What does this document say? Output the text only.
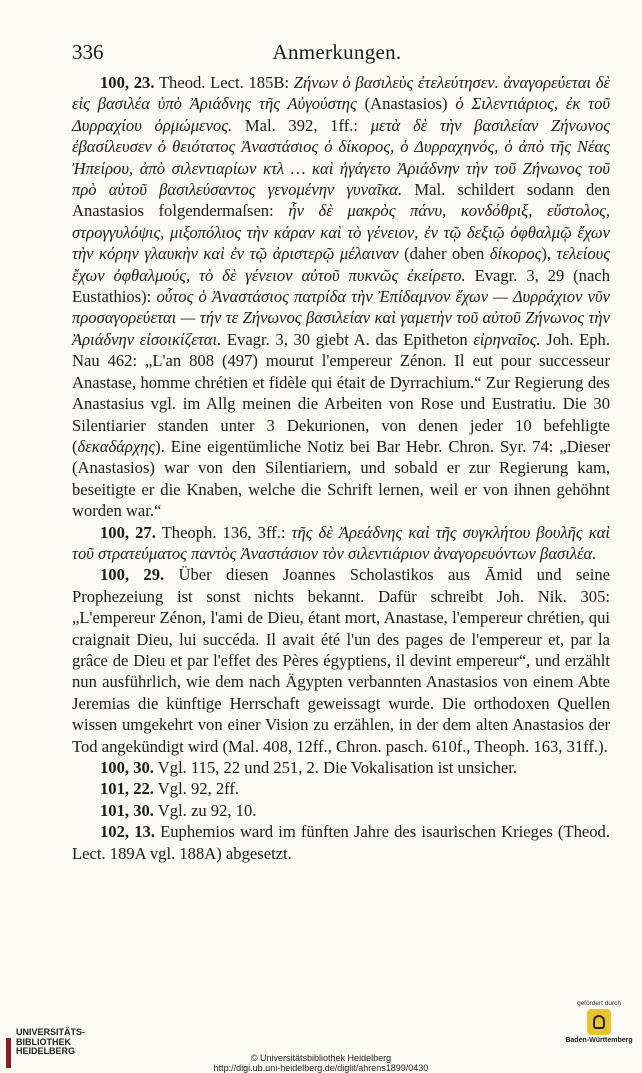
336	Anmerkungen.

100, 23. Theod. Lect. 185B: Ζήνων ὁ βασιλεὺς ἐτελεύτησεν. ἀναγορεύεται δὲ εἰς βασιλέα ὑπὸ Ἀριάδνης τῆς Αὐγούστης (Anastasios) ὁ Σιλεντιάριος, ἐκ τοῦ Δυρραχίου ὁρμώμενος. Mal. 392, 1ff.: μετὰ δὲ τὴν βασιλείαν Ζήνωνος ἐβασίλευσεν ὁ θειότατος Ἀναστάσιος ὁ δίκορος, ὁ Δυρραχηνός, ὁ ἀπὸ τῆς Νέας Ἠπείρου, ἀπὸ σιλεντιαρίων κτλ … καὶ ἠγάγετο Ἀριάδνην τὴν τοῦ Ζήνωνος τοῦ πρὸ αὐτοῦ βασιλεύσαντος γενομένην γυναῖκα. Mal. schildert sodann den Anastasios folgendermaſsen: ἦν δὲ μακρὸς πάνυ, κονδόθριξ, εὔστολος, στρογγυλόψις, μιξοπόλιος τὴν κάραν καὶ τὸ γένειον, ἐν τῷ δεξιῷ ὀφθαλμῷ ἔχων τὴν κόρην γλαυκὴν καὶ ἐν τῷ ἀριστερῷ μέλαιναν (daher oben δίκορος), τελείους ἔχων ὀφθαλμούς, τὸ δὲ γένειον αὐτοῦ πυκνῶς ἐκείρετο. Evagr. 3, 29 (nach Eustathios): οὗτος ὁ Ἀναστάσιος πατρίδα τὴν Ἐπίδαμνον ἔχων — Δυρράχιον νῦν προσαγορεύεται — τήν τε Ζήνωνος βασιλείαν καὶ γαμετὴν τοῦ αὐτοῦ Ζήνωνος τὴν Ἀριάδνην εἰσοικίζεται. Evagr. 3, 30 giebt A. das Epitheton εἰρηναῖος. Joh. Eph. Nau 462: „L'an 808 (497) mourut l'empereur Zénon. Il eut pour successeur Anastase, homme chrétien et fidèle qui était de Dyrrachium.“ Zur Regierung des Anastasius vgl. im Allg meinen die Arbeiten von Rose und Eustratiu. Die 30 Silentiarier standen unter 3 Dekurionen, von denen jeder 10 befehligte (δεκαδάρχης). Eine eigentümliche Notiz bei Bar Hebr. Chron. Syr. 74: „Dieser (Anastasios) war von den Silentiariern, und sobald er zur Regierung kam, beseitigte er die Knaben, welche die Schrift lernen, weil er von ihnen gehöhnt worden war.“

100, 27. Theoph. 136, 3ff.: τῆς δὲ Ἀρεάδνης καὶ τῆς συγκλήτου βουλῆς καὶ τοῦ στρατεύματος παντὸς Ἀναστάσιον τὸν σιλεντιάριον ἀναγορευόντων βασιλέα.

100, 29. Über diesen Joannes Scholastikos aus Āmid und seine Prophezeiung ist sonst nichts bekannt. Dafür schreibt Joh. Nik. 305: „L'empereur Zénon, l'ami de Dieu, étant mort, Anastase, l'empereur chrétien, qui craignait Dieu, lui succéda. Il avait été l'un des pages de l'empereur et, par la grâce de Dieu et par l'effet des Pères égyptiens, il devint empereur“, und erzählt nun ausführlich, wie dem nach Ägypten verbannten Anastasios von einem Abte Jeremias die künftige Herrschaft geweissagt wurde. Die orthodoxen Quellen wissen umgekehrt von einer Vision zu erzählen, in der dem alten Anastasios der Tod angekündigt wird (Mal. 408, 12ff., Chron. pasch. 610f., Theoph. 163, 31ff.).

100, 30. Vgl. 115, 22 und 251, 2. Die Vokalisation ist unsicher.

101, 22. Vgl. 92, 2ff.

101, 30. Vgl. zu 92, 10.

102, 13. Euphemios ward im fünften Jahre des isaurischen Krieges (Theod. Lect. 189A vgl. 188A) abgesetzt.

UNIVERSITÄTS-
BIBLIOTHEK
HEIDELBERG
© Universitätsbibliothek Heidelberg
http://digi.ub.uni-heidelberg.de/diglit/ahrens1899/0430
gefördert durch
Baden-Württemberg
